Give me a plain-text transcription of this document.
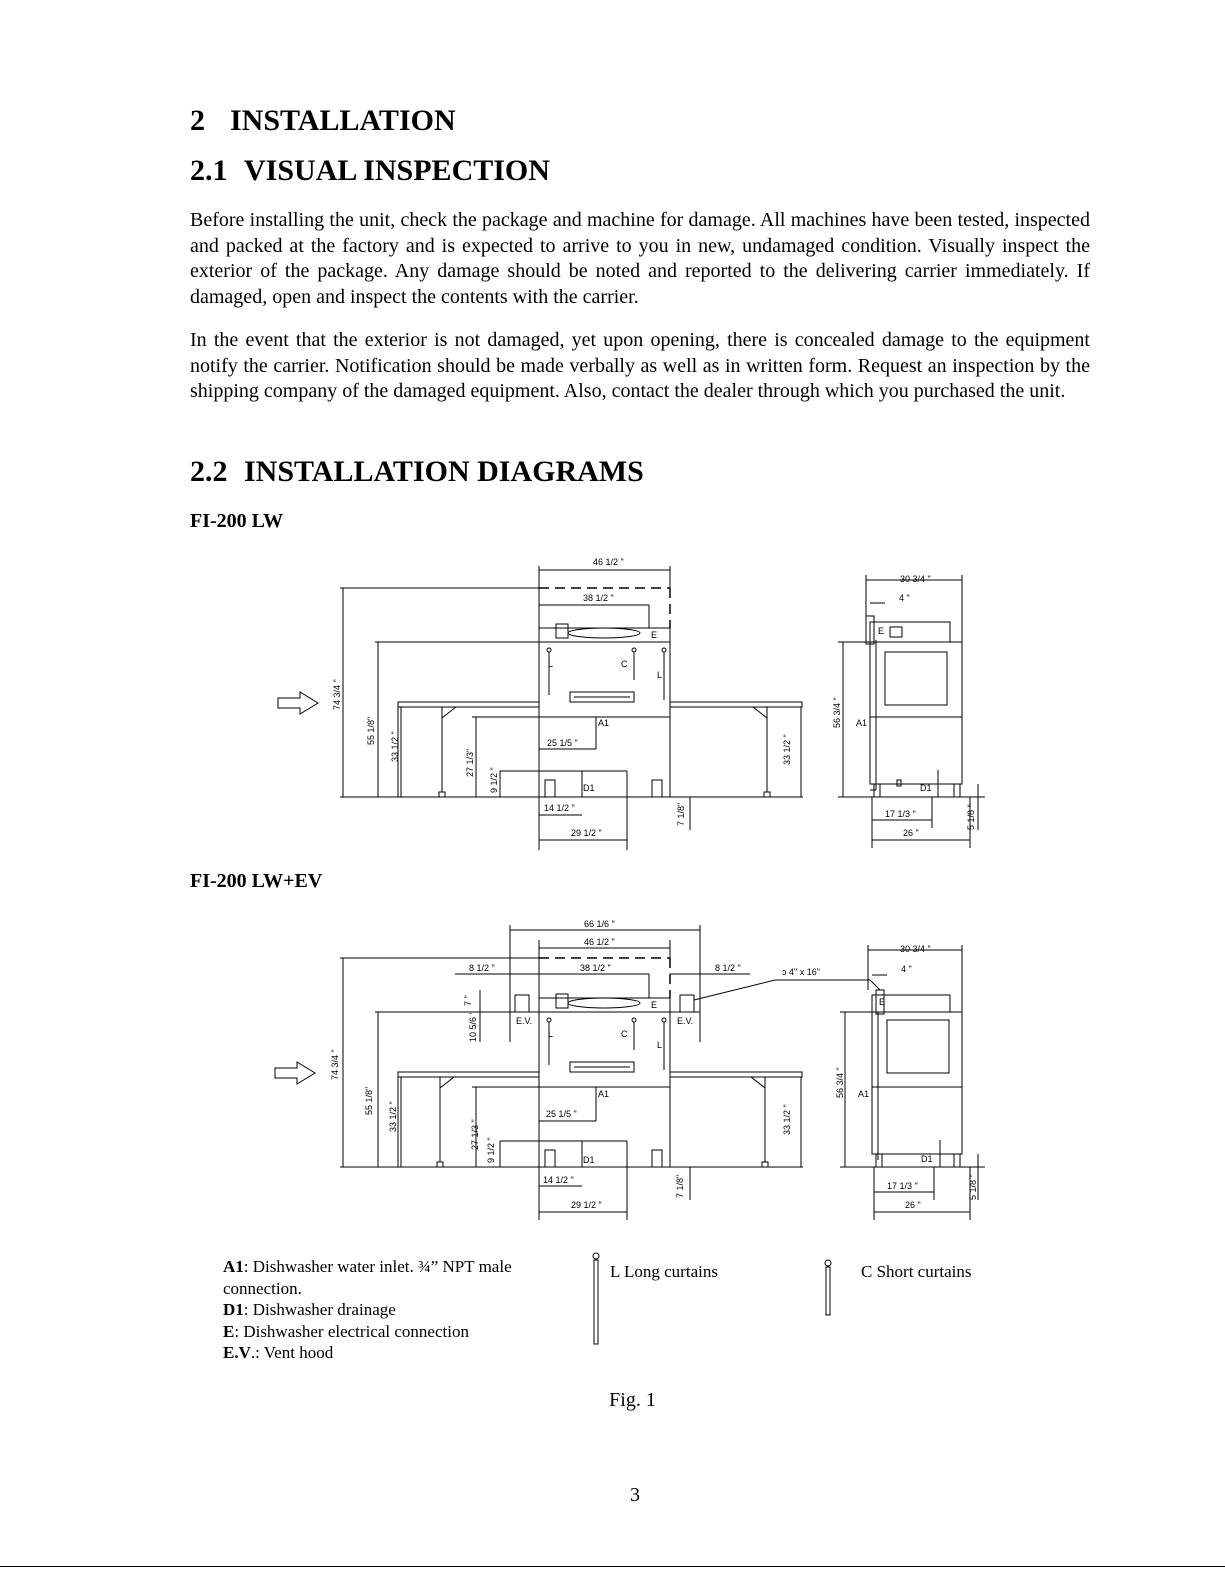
2 INSTALLATION
2.1 VISUAL INSPECTION

Before installing the unit, check the package and machine for damage. All machines have been tested, inspected and packed at the factory and is expected to arrive to you in new, undamaged condition. Visually inspect the exterior of the package. Any damage should be noted and reported to the delivering carrier immediately. If damaged, open and inspect the contents with the carrier.

In the event that the exterior is not damaged, yet upon opening, there is concealed damage to the equipment notify the carrier. Notification should be made verbally as well as in written form. Request an inspection by the shipping company of the damaged equipment. Also, contact the dealer through which you purchased the unit.

2.2 INSTALLATION DIAGRAMS
FI-200 LW
FI-200 LW+EV
46 1/2 "
38 1/2 "
74 3/4 "
55 1/8"
33 1/2 "
27 1/3"
9 1/2 "
25 1/5 "
14 1/2 "
29 1/2 "
7 1/8"
33 1/2 "
L	C
L
E
A1
D1
30 3/4 "
4 "
56 3/4 " A1
D1
E
17 1/3 "
26 "
5 1/8 "
66 1/6 "
46 1/2 "
38 1/2 "
8 1/2 "	8 1/2 "	ɔ 4" x 16"
7 "
10 5/6 "	E.V.	E.V.
74 3/4 "
55 1/8"
33 1/2 "
27 1/3 "
9 1/2 "
25 1/5 "
14 1/2 "
29 1/2 "
7 1/8"
33 1/2 "
L	C
L
E
A1
D1
30 3/4 "
4 "
56 3/4 " A1
D1
E
17 1/3 "
26 "
5 1/8 "
A1: Dishwasher water inlet. ¾” NPT male connection.
D1: Dishwasher drainage
E: Dishwasher electrical connection
E.V.: Vent hood
L Long curtains	C Short curtains
Fig. 1
3
